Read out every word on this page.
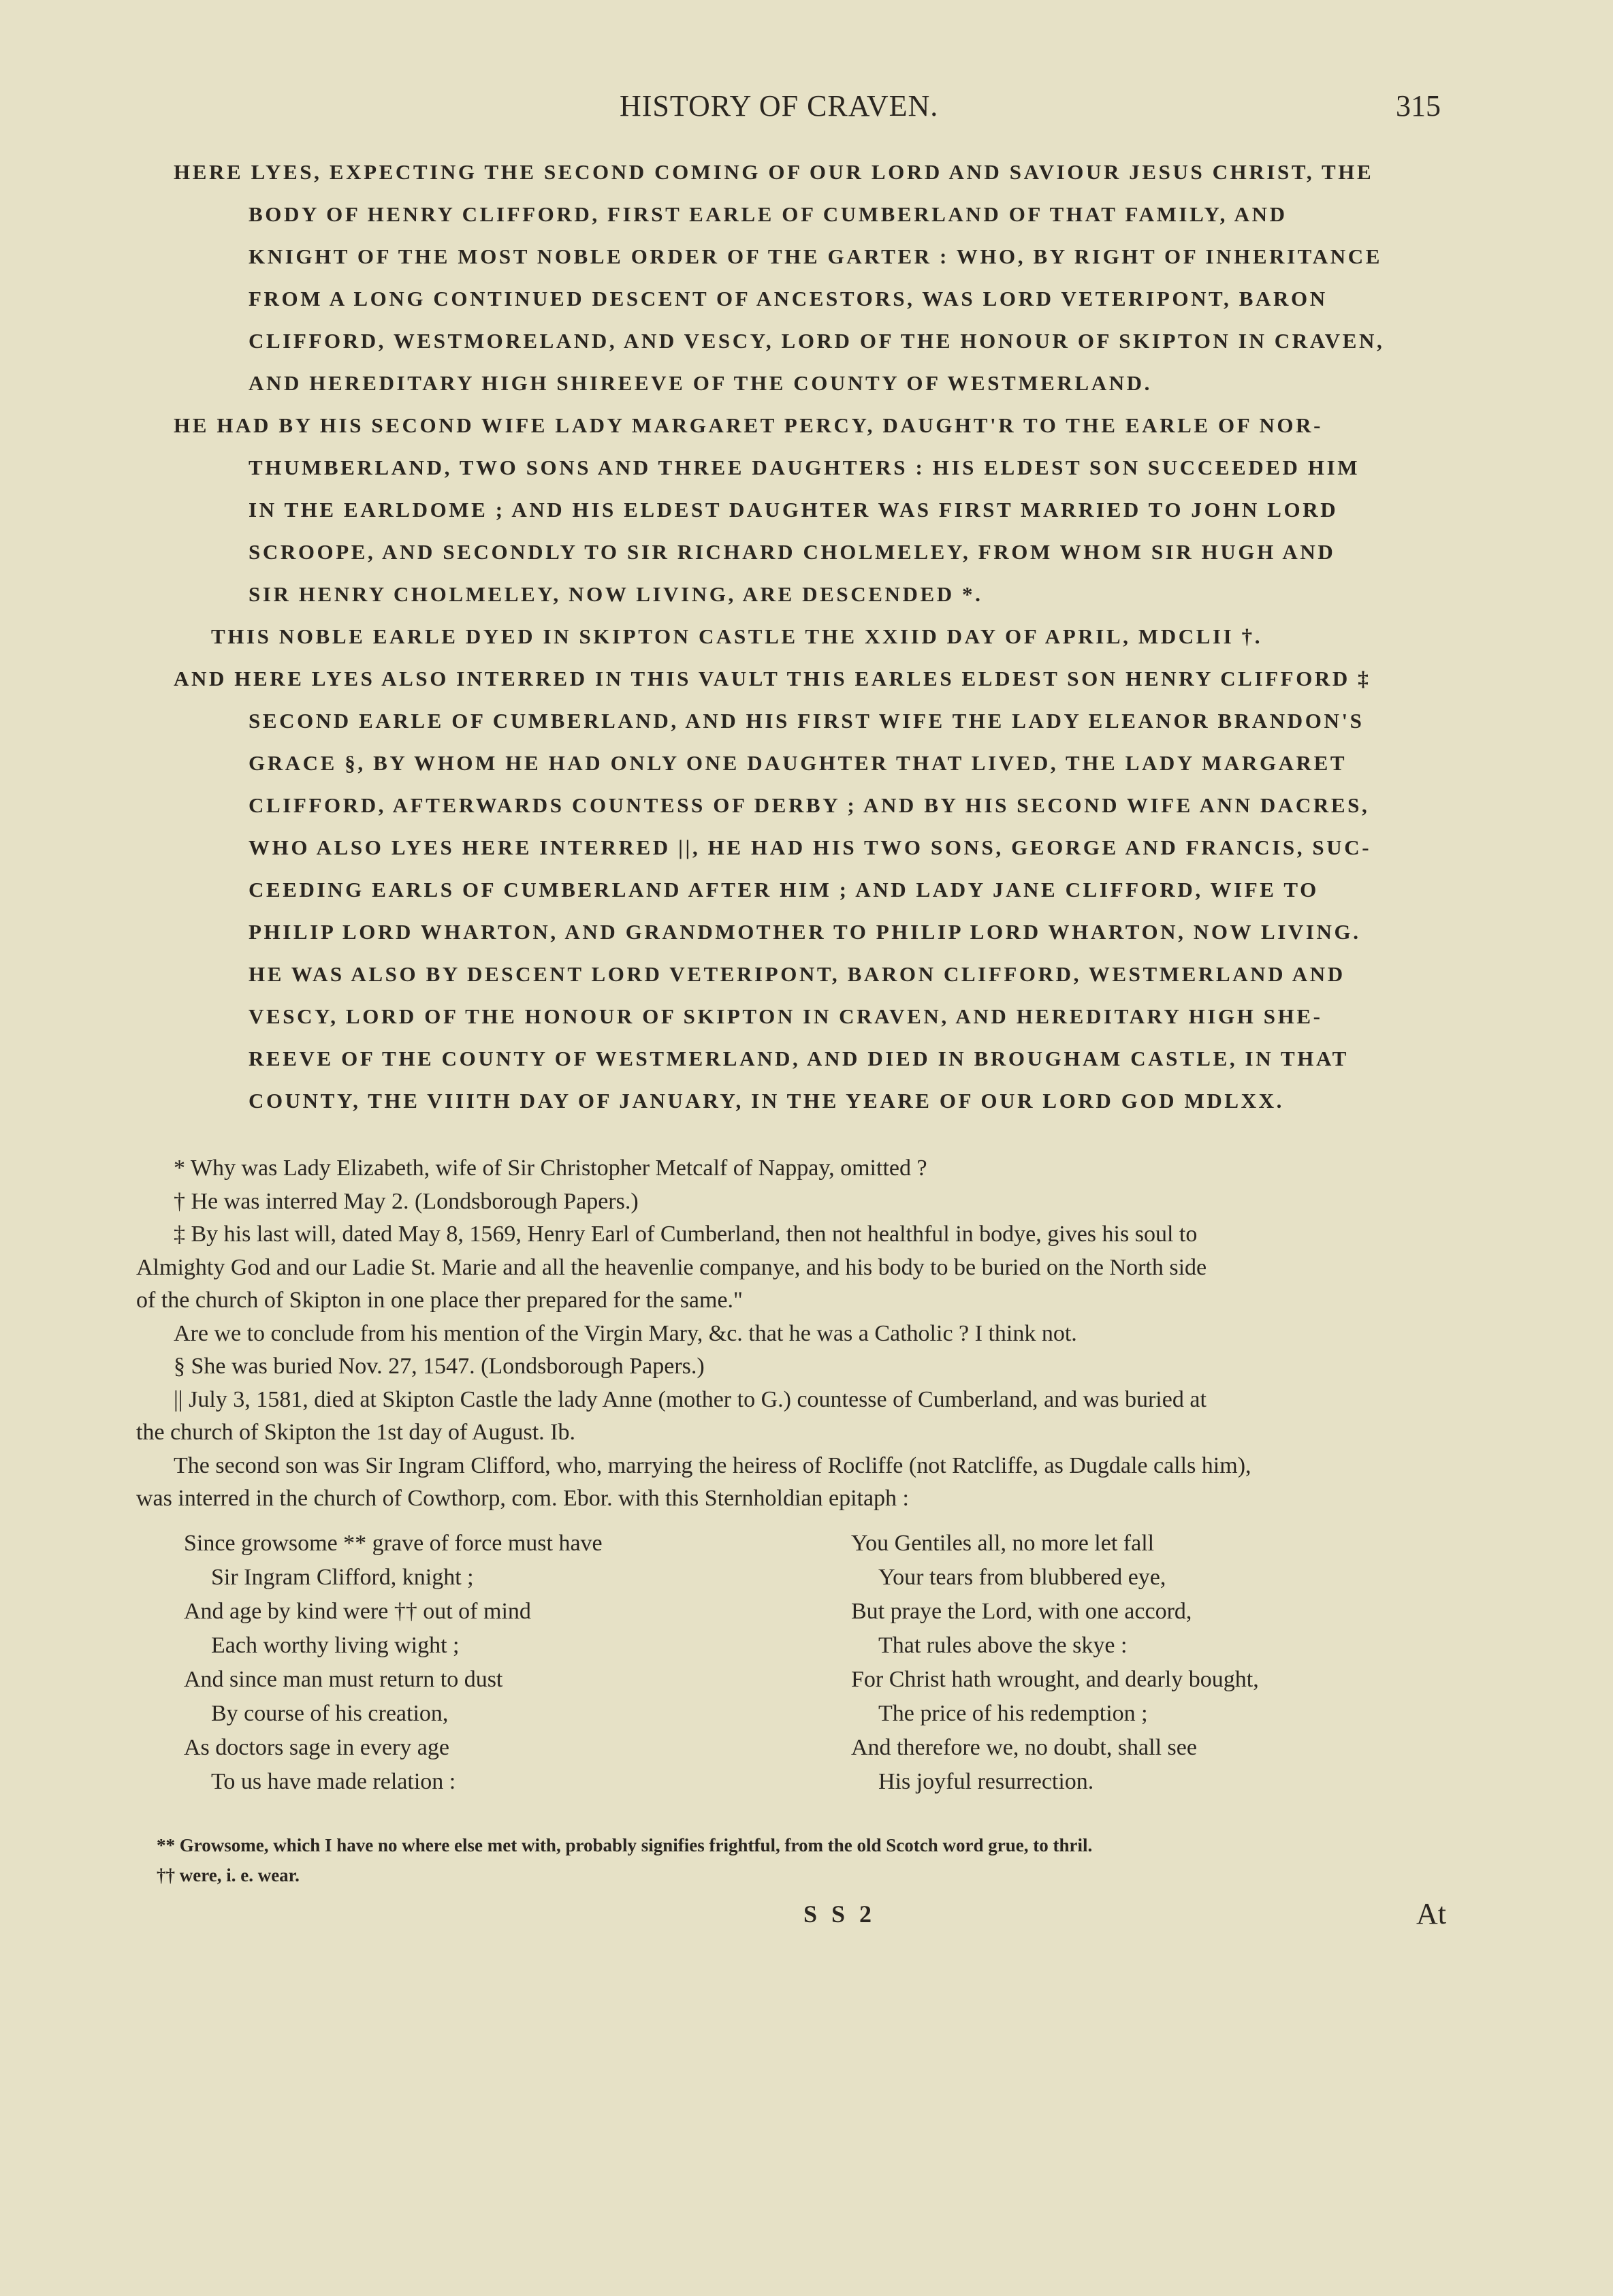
HISTORY OF CRAVEN.	315
HERE LYES, EXPECTING THE SECOND COMING OF OUR LORD AND SAVIOUR JESUS CHRIST, THE
BODY OF HENRY CLIFFORD, FIRST EARLE OF CUMBERLAND OF THAT FAMILY, AND
KNIGHT OF THE MOST NOBLE ORDER OF THE GARTER : WHO, BY RIGHT OF INHERITANCE
FROM A LONG CONTINUED DESCENT OF ANCESTORS, WAS LORD VETERIPONT, BARON
CLIFFORD, WESTMORELAND, AND VESCY, LORD OF THE HONOUR OF SKIPTON IN CRAVEN,
AND HEREDITARY HIGH SHIREEVE OF THE COUNTY OF WESTMERLAND.
HE HAD BY HIS SECOND WIFE LADY MARGARET PERCY, DAUGHT'R TO THE EARLE OF NOR-
THUMBERLAND, TWO SONS AND THREE DAUGHTERS : HIS ELDEST SON SUCCEEDED HIM
IN THE EARLDOME ; AND HIS ELDEST DAUGHTER WAS FIRST MARRIED TO JOHN LORD
SCROOPE, AND SECONDLY TO SIR RICHARD CHOLMELEY, FROM WHOM SIR HUGH AND
SIR HENRY CHOLMELEY, NOW LIVING, ARE DESCENDED *.
THIS NOBLE EARLE DYED IN SKIPTON CASTLE THE XXIID DAY OF APRIL, MDCLII †.
AND HERE LYES ALSO INTERRED IN THIS VAULT THIS EARLES ELDEST SON HENRY CLIFFORD ‡
SECOND EARLE OF CUMBERLAND, AND HIS FIRST WIFE THE LADY ELEANOR BRANDON'S
GRACE §, BY WHOM HE HAD ONLY ONE DAUGHTER THAT LIVED, THE LADY MARGARET
CLIFFORD, AFTERWARDS COUNTESS OF DERBY ; AND BY HIS SECOND WIFE ANN DACRES,
WHO ALSO LYES HERE INTERRED ||, HE HAD HIS TWO SONS, GEORGE AND FRANCIS, SUC-
CEEDING EARLS OF CUMBERLAND AFTER HIM ; AND LADY JANE CLIFFORD, WIFE TO
PHILIP LORD WHARTON, AND GRANDMOTHER TO PHILIP LORD WHARTON, NOW LIVING.
HE WAS ALSO BY DESCENT LORD VETERIPONT, BARON CLIFFORD, WESTMERLAND AND
VESCY, LORD OF THE HONOUR OF SKIPTON IN CRAVEN, AND HEREDITARY HIGH SHE-
REEVE OF THE COUNTY OF WESTMERLAND, AND DIED IN BROUGHAM CASTLE, IN THAT
COUNTY, THE VIIITH DAY OF JANUARY, IN THE YEARE OF OUR LORD GOD MDLXX.
* Why was Lady Elizabeth, wife of Sir Christopher Metcalf of Nappay, omitted ?
† He was interred May 2. (Londsborough Papers.)
‡ By his last will, dated May 8, 1569, Henry Earl of Cumberland, then not healthful in bodye, gives his soul to
Almighty God and our Ladie St. Marie and all the heavenlie companye, and his body to be buried on the North side
of the church of Skipton in one place ther prepared for the same."
Are we to conclude from his mention of the Virgin Mary, &c. that he was a Catholic ? I think not.
§ She was buried Nov. 27, 1547. (Londsborough Papers.)
|| July 3, 1581, died at Skipton Castle the lady Anne (mother to G.) countesse of Cumberland, and was buried at
the church of Skipton the 1st day of August. Ib.
The second son was Sir Ingram Clifford, who, marrying the heiress of Rocliffe (not Ratcliffe, as Dugdale calls him),
was interred in the church of Cowthorp, com. Ebor. with this Sternholdian epitaph :
Since growsome ** grave of force must have
Sir Ingram Clifford, knight ;
And age by kind were †† out of mind
Each worthy living wight ;
And since man must return to dust
By course of his creation,
As doctors sage in every age
To us have made relation :
You Gentiles all, no more let fall
Your tears from blubbered eye,
But praye the Lord, with one accord,
That rules above the skye :
For Christ hath wrought, and dearly bought,
The price of his redemption ;
And therefore we, no doubt, shall see
His joyful resurrection.
** Growsome, which I have no where else met with, probably signifies frightful, from the old Scotch word grue, to thril.
†† were, i. e. wear.
S S 2	At
